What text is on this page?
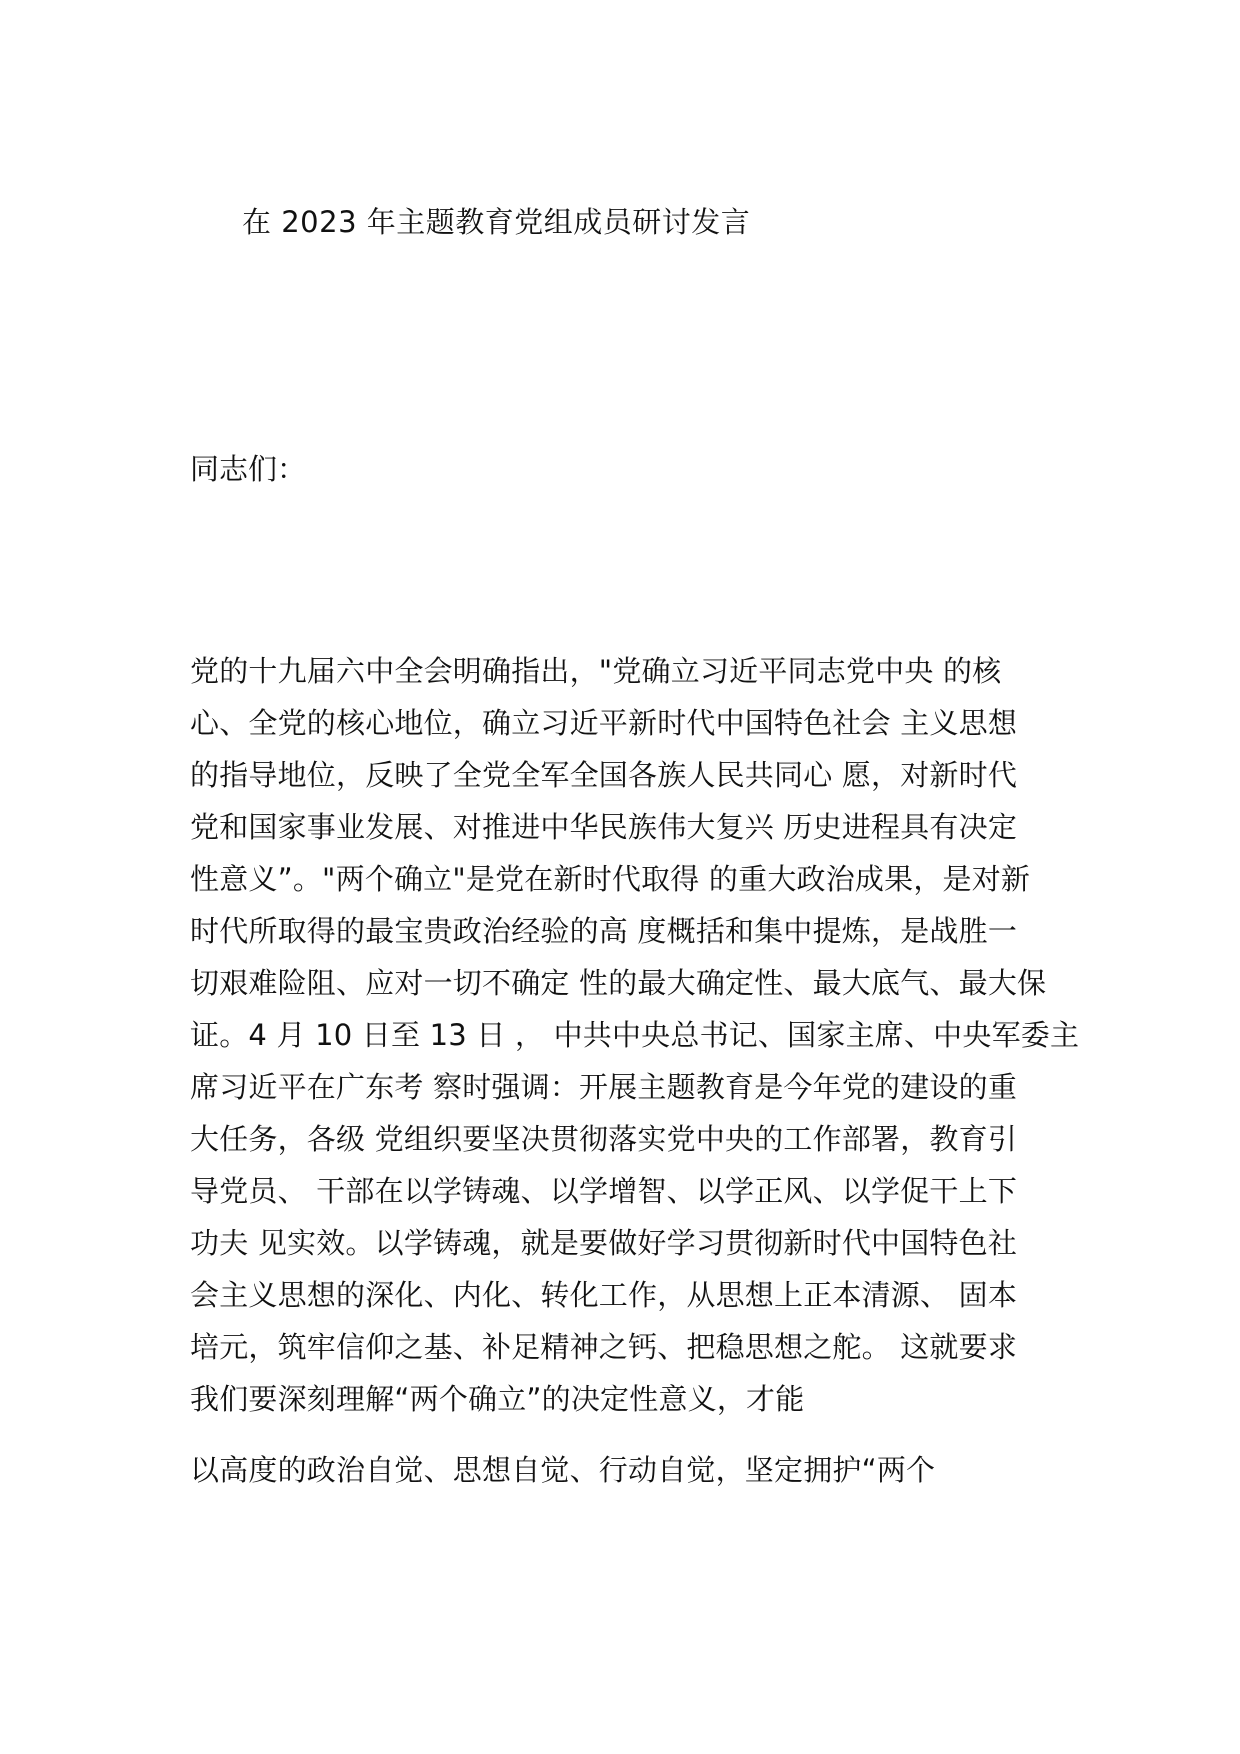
在 2023 年主题教育党组成员研讨发言
同志们：
党的十九届六中全会明确指出，"党确立习近平同志党中央 的核
心、全党的核心地位，确立习近平新时代中国特色社会 主义思想
的指导地位，反映了全党全军全国各族人民共同心 愿，对新时代
党和国家事业发展、对推进中华民族伟大复兴 历史进程具有决定
性意义”。"两个确立"是党在新时代取得 的重大政治成果，是对新
时代所取得的最宝贵政治经验的高 度概括和集中提炼，是战胜一
切艰难险阻、应对一切不确定 性的最大确定性、最大底气、最大保
证。4 月 10 日至 13 日 ， 中共中央总书记、国家主席、中央军委主
席习近平在广东考 察时强调：开展主题教育是今年党的建设的重
大任务，各级 党组织要坚决贯彻落实党中央的工作部署，教育引
导党员、 干部在以学铸魂、以学增智、以学正风、以学促干上下
功夫 见实效。以学铸魂，就是要做好学习贯彻新时代中国特色社
会主义思想的深化、内化、转化工作，从思想上正本清源、 固本
培元，筑牢信仰之基、补足精神之钙、把稳思想之舵。 这就要求
我们要深刻理解“两个确立”的决定性意义，才能
以高度的政治自觉、思想自觉、行动自觉，坚定拥护“两个
